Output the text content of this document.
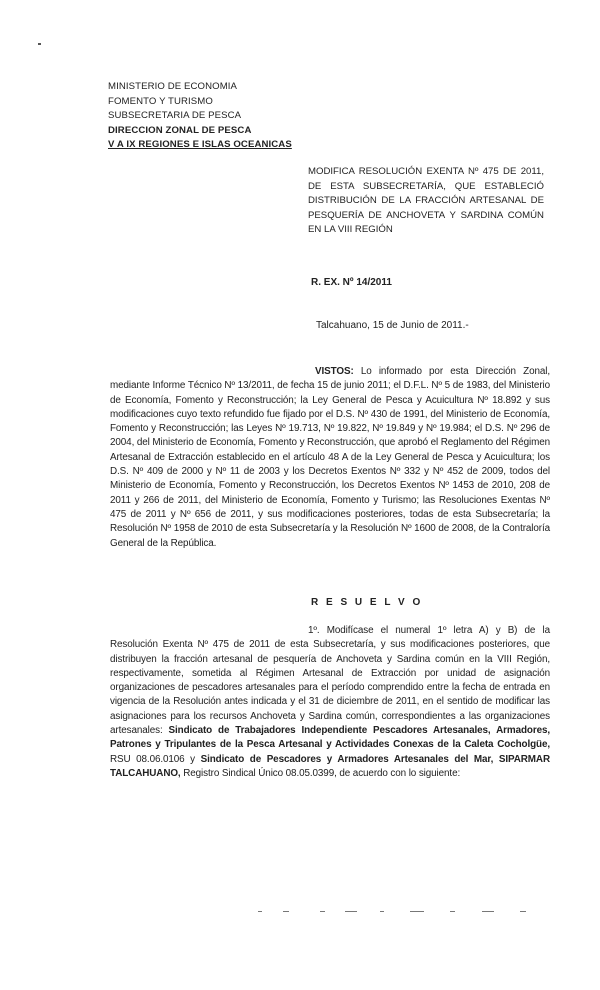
MINISTERIO DE ECONOMIA
FOMENTO Y TURISMO
SUBSECRETARIA DE PESCA
DIRECCION ZONAL DE PESCA
V A IX REGIONES E ISLAS OCEANICAS
MODIFICA RESOLUCIÓN EXENTA Nº 475 DE 2011, DE ESTA SUBSECRETARÍA, QUE ESTABLECIÓ DISTRIBUCIÓN DE LA FRACCIÓN ARTESANAL DE PESQUERÍA DE ANCHOVETA Y SARDINA COMÚN EN LA VIII REGIÓN
R. EX. Nº 14/2011
Talcahuano, 15 de Junio de 2011.-
VISTOS: Lo informado por esta Dirección Zonal, mediante Informe Técnico Nº 13/2011, de fecha 15 de junio 2011; el D.F.L. Nº 5 de 1983, del Ministerio de Economía, Fomento y Reconstrucción; la Ley General de Pesca y Acuicultura Nº 18.892 y sus modificaciones cuyo texto refundido fue fijado por el D.S. Nº 430 de 1991, del Ministerio de Economía, Fomento y Reconstrucción; las Leyes Nº 19.713, Nº 19.822, Nº 19.849 y Nº 19.984; el D.S. Nº 296 de 2004, del Ministerio de Economía, Fomento y Reconstrucción, que aprobó el Reglamento del Régimen Artesanal de Extracción establecido en el artículo 48 A de la Ley General de Pesca y Acuicultura; los D.S. Nº 409 de 2000 y Nº 11 de 2003 y los Decretos Exentos Nº 332 y Nº 452 de 2009, todos del Ministerio de Economía, Fomento y Reconstrucción, los Decretos Exentos Nº 1453 de 2010, 208 de 2011 y 266 de 2011, del Ministerio de Economía, Fomento y Turismo; las Resoluciones Exentas Nº 475 de 2011 y Nº 656 de 2011, y sus modificaciones posteriores, todas de esta Subsecretaría; la Resolución Nº 1958 de 2010 de esta Subsecretaría y la Resolución Nº 1600 de 2008, de la Contraloría General de la República.
R E S U E L V O
1º. Modifícase el numeral 1º letra A) y B) de la Resolución Exenta Nº 475 de 2011 de esta Subsecretaría, y sus modificaciones posteriores, que distribuyen la fracción artesanal de pesquería de Anchoveta y Sardina común en la VIII Región, respectivamente, sometida al Régimen Artesanal de Extracción por unidad de asignación organizaciones de pescadores artesanales para el período comprendido entre la fecha de entrada en vigencia de la Resolución antes indicada y el 31 de diciembre de 2011, en el sentido de modificar las asignaciones para los recursos Anchoveta y Sardina común, correspondientes a las organizaciones artesanales: Sindicato de Trabajadores Independiente Pescadores Artesanales, Armadores, Patrones y Tripulantes de la Pesca Artesanal y Actividades Conexas de la Caleta Cocholgüe, RSU 08.06.0106 y Sindicato de Pescadores y Armadores Artesanales del Mar, SIPARMAR TALCAHUANO, Registro Sindical Único 08.05.0399, de acuerdo con lo siguiente:
